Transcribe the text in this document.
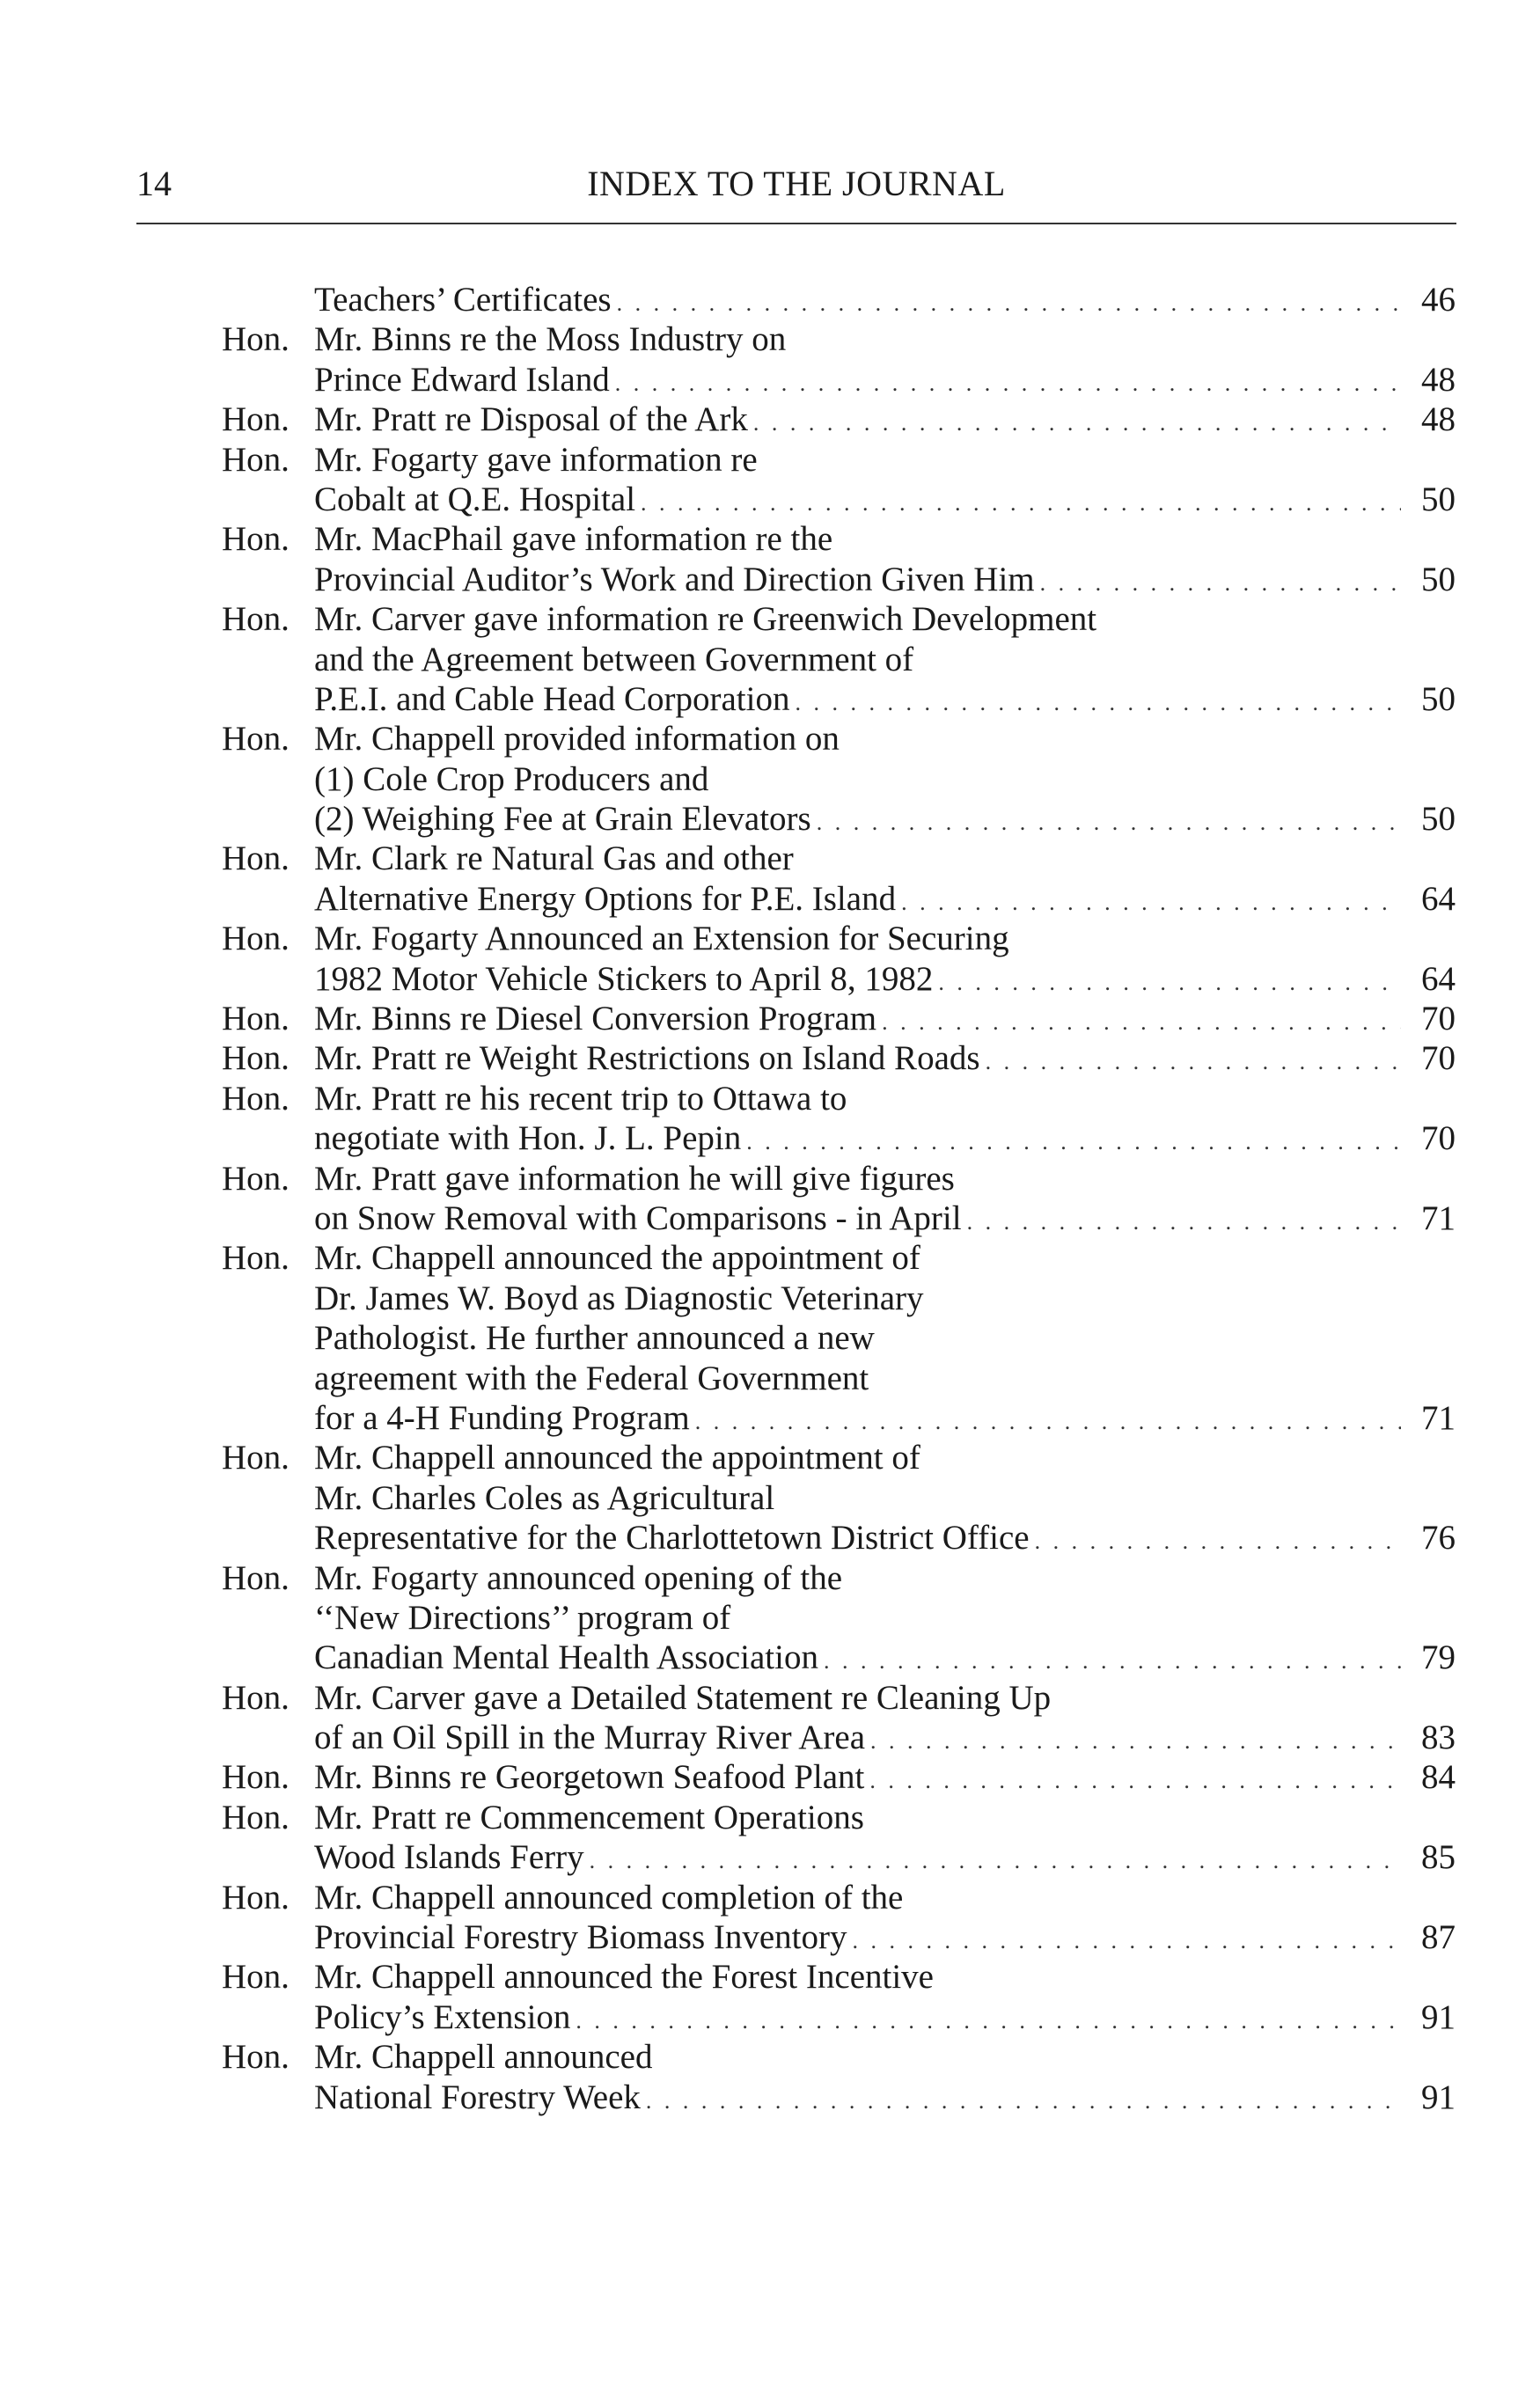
14	INDEX TO THE JOURNAL
Teachers’ Certificates . . .	46
Hon. Mr. Binns re the Moss Industry on
Prince Edward Island . . .	48
Hon. Mr. Pratt re Disposal of the Ark . . .	48
Hon. Mr. Fogarty gave information re
Cobalt at Q.E. Hospital . . .	50
Hon. Mr. MacPhail gave information re the
Provincial Auditor’s Work and Direction Given Him . . .	50
Hon. Mr. Carver gave information re Greenwich Development
and the Agreement between Government of
P.E.I. and Cable Head Corporation . . .	50
Hon. Mr. Chappell provided information on
(1) Cole Crop Producers and
(2) Weighing Fee at Grain Elevators . . .	50
Hon. Mr. Clark re Natural Gas and other
Alternative Energy Options for P.E. Island . . .	64
Hon. Mr. Fogarty Announced an Extension for Securing
1982 Motor Vehicle Stickers to April 8, 1982 . . .	64
Hon. Mr. Binns re Diesel Conversion Program . . .	70
Hon. Mr. Pratt re Weight Restrictions on Island Roads . . .	70
Hon. Mr. Pratt re his recent trip to Ottawa to
negotiate with Hon. J. L. Pepin . . .	70
Hon. Mr. Pratt gave information he will give figures
on Snow Removal with Comparisons - in April . . .	71
Hon. Mr. Chappell announced the appointment of
Dr. James W. Boyd as Diagnostic Veterinary
Pathologist. He further announced a new
agreement with the Federal Government
for a 4-H Funding Program . . .	71
Hon. Mr. Chappell announced the appointment of
Mr. Charles Coles as Agricultural
Representative for the Charlottetown District Office . . .	76
Hon. Mr. Fogarty announced opening of the
‘‘New Directions’’ program of
Canadian Mental Health Association . . .	79
Hon. Mr. Carver gave a Detailed Statement re Cleaning Up
of an Oil Spill in the Murray River Area . . .	83
Hon. Mr. Binns re Georgetown Seafood Plant . . .	84
Hon. Mr. Pratt re Commencement Operations
Wood Islands Ferry . . .	85
Hon. Mr. Chappell announced completion of the
Provincial Forestry Biomass Inventory . . .	87
Hon. Mr. Chappell announced the Forest Incentive
Policy’s Extension . . .	91
Hon. Mr. Chappell announced
National Forestry Week . . .	91
